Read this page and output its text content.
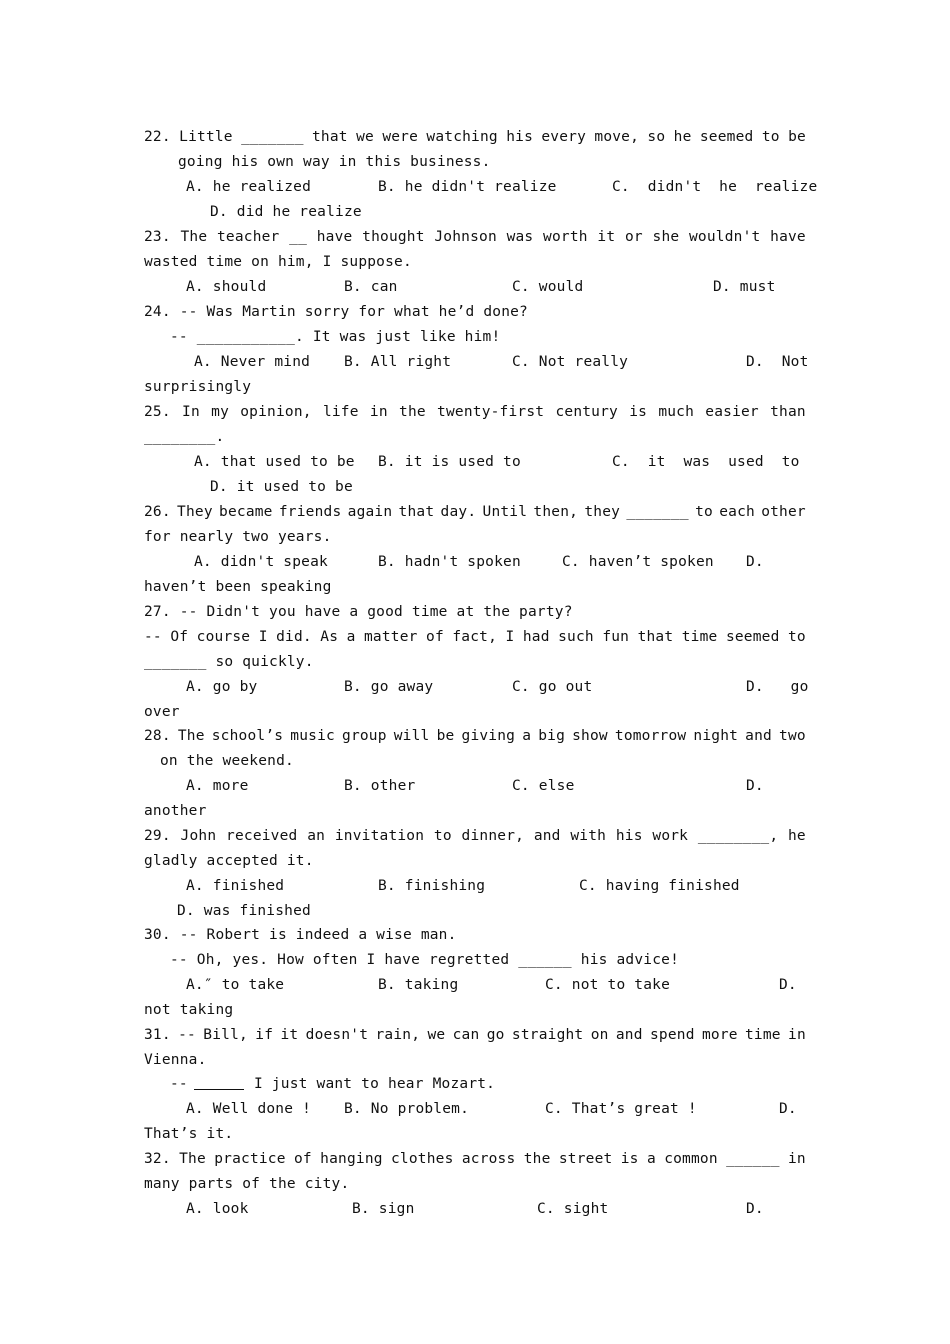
22. Little _______ that we were watching his every move, so he seemed to be
going his own way in this business.
A. he realized	B. he didn't realize	C.  didn't  he  realize
D. did he realize
23. The teacher __ have thought Johnson was worth it or she wouldn't have
wasted time on him, I suppose.
A. should	B. can	C. would	D. must
24. -- Was Martin sorry for what he’d done?
-- ___________. It was just like him!
A. Never mind B. All right	C. Not really	D.  Not
surprisingly
25. In my opinion, life in the twenty-first century is much easier than
________.
A. that used to be B. it is used to	C.  it  was  used  to
D. it used to be
26. They became friends again that day. Until then, they _______ to each other
for nearly two years.
A. didn't speak	B. hadn't spoken	C. haven’t spoken D.
haven’t been speaking
27. -- Didn't you have a good time at the party?
-- Of course I did. As a matter of fact, I had such fun that time seemed to
_______ so quickly.
A. go by	B. go away	C. go out	D.   go
over
28. The school’s music group will be giving a big show tomorrow night and two
on the weekend.
A. more	B. other	C. else	D.
another
29. John received an invitation to dinner, and with his work ________, he
gladly accepted it.
A. finished	B. finishing	C. having finished
D. was finished
30. -- Robert is indeed a wise man.
-- Oh, yes. How often I have regretted ______ his advice!
A.″ to take	B. taking	C. not to take	D.
not taking
31. -- Bill, if it doesn't rain, we can go straight on and spend more time in
Vienna.
--	I just want to hear Mozart.
A. Well done ! B. No problem.	C. That’s great !	D.
That’s it.
32. The practice of hanging clothes across the street is a common ______ in
many parts of the city.
A. look	B. sign	C. sight	D.
